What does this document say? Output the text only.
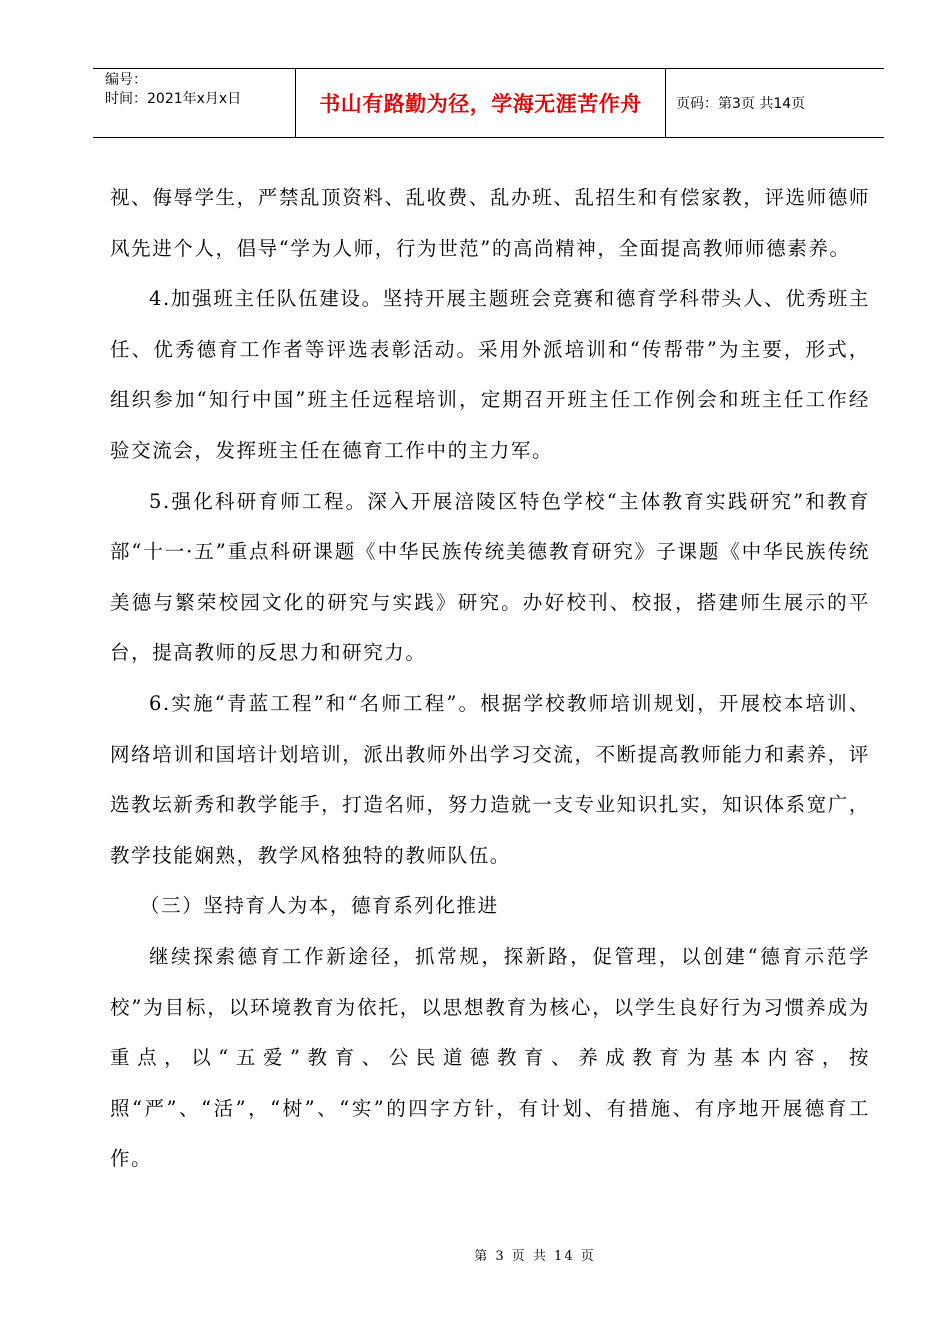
编号：
时间：2021年x月x日	书山有路勤为径，学海无涯苦作舟	页码：第3页 共14页

视、侮辱学生，严禁乱顶资料、乱收费、乱办班、乱招生和有偿家教，评选师德师风先进个人，倡导“学为人师，行为世范”的高尚精神，全面提高教师师德素养。

4.加强班主任队伍建设。坚持开展主题班会竞赛和德育学科带头人、优秀班主任、优秀德育工作者等评选表彰活动。采用外派培训和“传帮带”为主要，形式，组织参加“知行中国”班主任远程培训，定期召开班主任工作例会和班主任工作经验交流会，发挥班主任在德育工作中的主力军。

5.强化科研育师工程。深入开展涪陵区特色学校“主体教育实践研究”和教育部“十一·五”重点科研课题《中华民族传统美德教育研究》子课题《中华民族传统美德与繁荣校园文化的研究与实践》研究。办好校刊、校报，搭建师生展示的平台，提高教师的反思力和研究力。

6.实施“青蓝工程”和“名师工程”。根据学校教师培训规划，开展校本培训、网络培训和国培计划培训，派出教师外出学习交流，不断提高教师能力和素养，评选教坛新秀和教学能手，打造名师，努力造就一支专业知识扎实，知识体系宽广，教学技能娴熟，教学风格独特的教师队伍。

（三）坚持育人为本，德育系列化推进

继续探索德育工作新途径，抓常规，探新路，促管理，以创建“德育示范学校”为目标，以环境教育为依托，以思想教育为核心，以学生良好行为习惯养成为重点，以“五爱”教育、公民道德教育、养成教育为基本内容，按照“严”、“活”，“树”、“实”的四字方针，有计划、有措施、有序地开展德育工作。

第 3 页 共 14 页
